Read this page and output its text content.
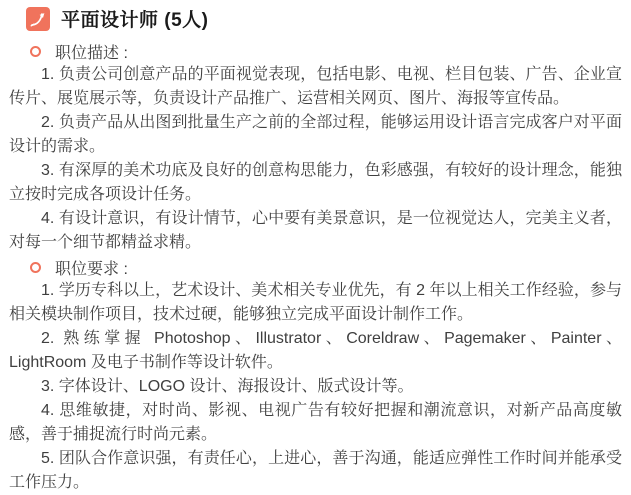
平面设计师 (5人)
职位描述 :

1. 负责公司创意产品的平面视觉表现，包括电影、电视、栏目包装、广告、企业宣传片、展览展示等，负责设计产品推广、运营相关网页、图片、海报等宣传品。

2. 负责产品从出图到批量生产之前的全部过程，能够运用设计语言完成客户对平面设计的需求。

3. 有深厚的美术功底及良好的创意构思能力，色彩感强，有较好的设计理念，能独立按时完成各项设计任务。

4. 有设计意识，有设计情节，心中要有美景意识，是一位视觉达人，完美主义者，对每一个细节都精益求精。

职位要求 :

1. 学历专科以上，艺术设计、美术相关专业优先，有 2 年以上相关工作经验，参与相关模块制作项目，技术过硬，能够独立完成平面设计制作工作。

2. 熟练掌握 Photoshop、Illustrator、Coreldraw、Pagemaker、Painter、LightRoom 及电子书制作等设计软件。

3. 字体设计、LOGO 设计、海报设计、版式设计等。

4. 思维敏捷，对时尚、影视、电视广告有较好把握和潮流意识，对新产品高度敏感，善于捕捉流行时尚元素。

5. 团队合作意识强，有责任心，上进心，善于沟通，能适应弹性工作时间并能承受工作压力。
